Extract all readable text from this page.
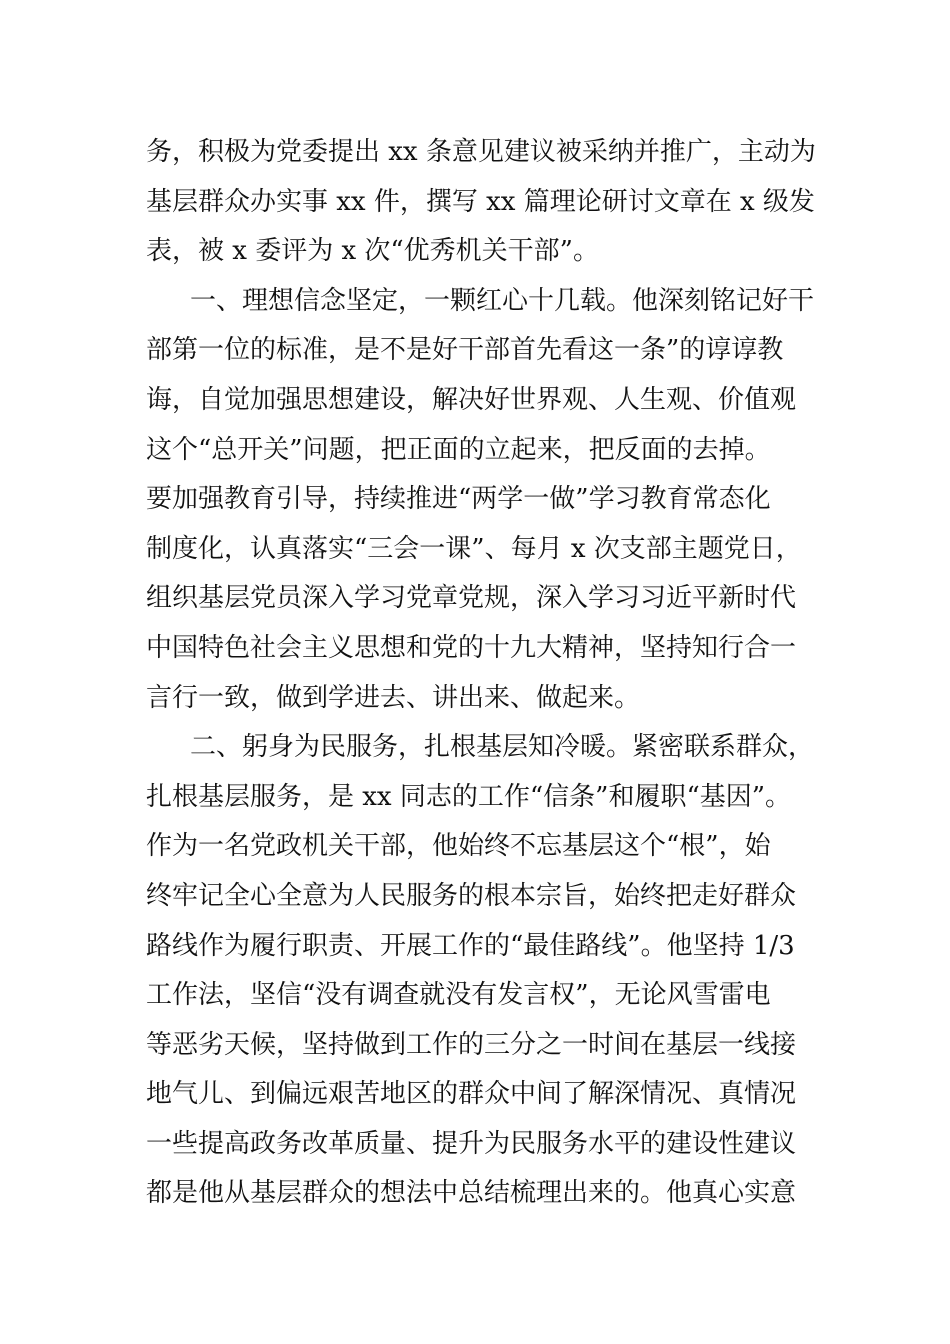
务，积极为党委提出 xx 条意见建议被采纳并推广，主动为
基层群众办实事 xx 件，撰写 xx 篇理论研讨文章在 x 级发
表，被 x 委评为 x 次“优秀机关干部”。
一、理想信念坚定，一颗红心十几载。他深刻铭记好干
部第一位的标准，是不是好干部首先看这一条”的谆谆教
诲，自觉加强思想建设，解决好世界观、人生观、价值观
这个“总开关”问题，把正面的立起来，把反面的去掉。
要加强教育引导，持续推进“两学一做”学习教育常态化
制度化，认真落实“三会一课”、每月 x 次支部主题党日，
组织基层党员深入学习党章党规，深入学习习近平新时代
中国特色社会主义思想和党的十九大精神，坚持知行合一
言行一致，做到学进去、讲出来、做起来。
二、躬身为民服务，扎根基层知冷暖。紧密联系群众，
扎根基层服务，是 xx 同志的工作“信条”和履职“基因”。
作为一名党政机关干部，他始终不忘基层这个“根”，始
终牢记全心全意为人民服务的根本宗旨，始终把走好群众
路线作为履行职责、开展工作的“最佳路线”。他坚持 1/3
工作法，坚信“没有调查就没有发言权”，无论风雪雷电
等恶劣天候，坚持做到工作的三分之一时间在基层一线接
地气儿、到偏远艰苦地区的群众中间了解深情况、真情况
一些提高政务改革质量、提升为民服务水平的建设性建议
都是他从基层群众的想法中总结梳理出来的。他真心实意
